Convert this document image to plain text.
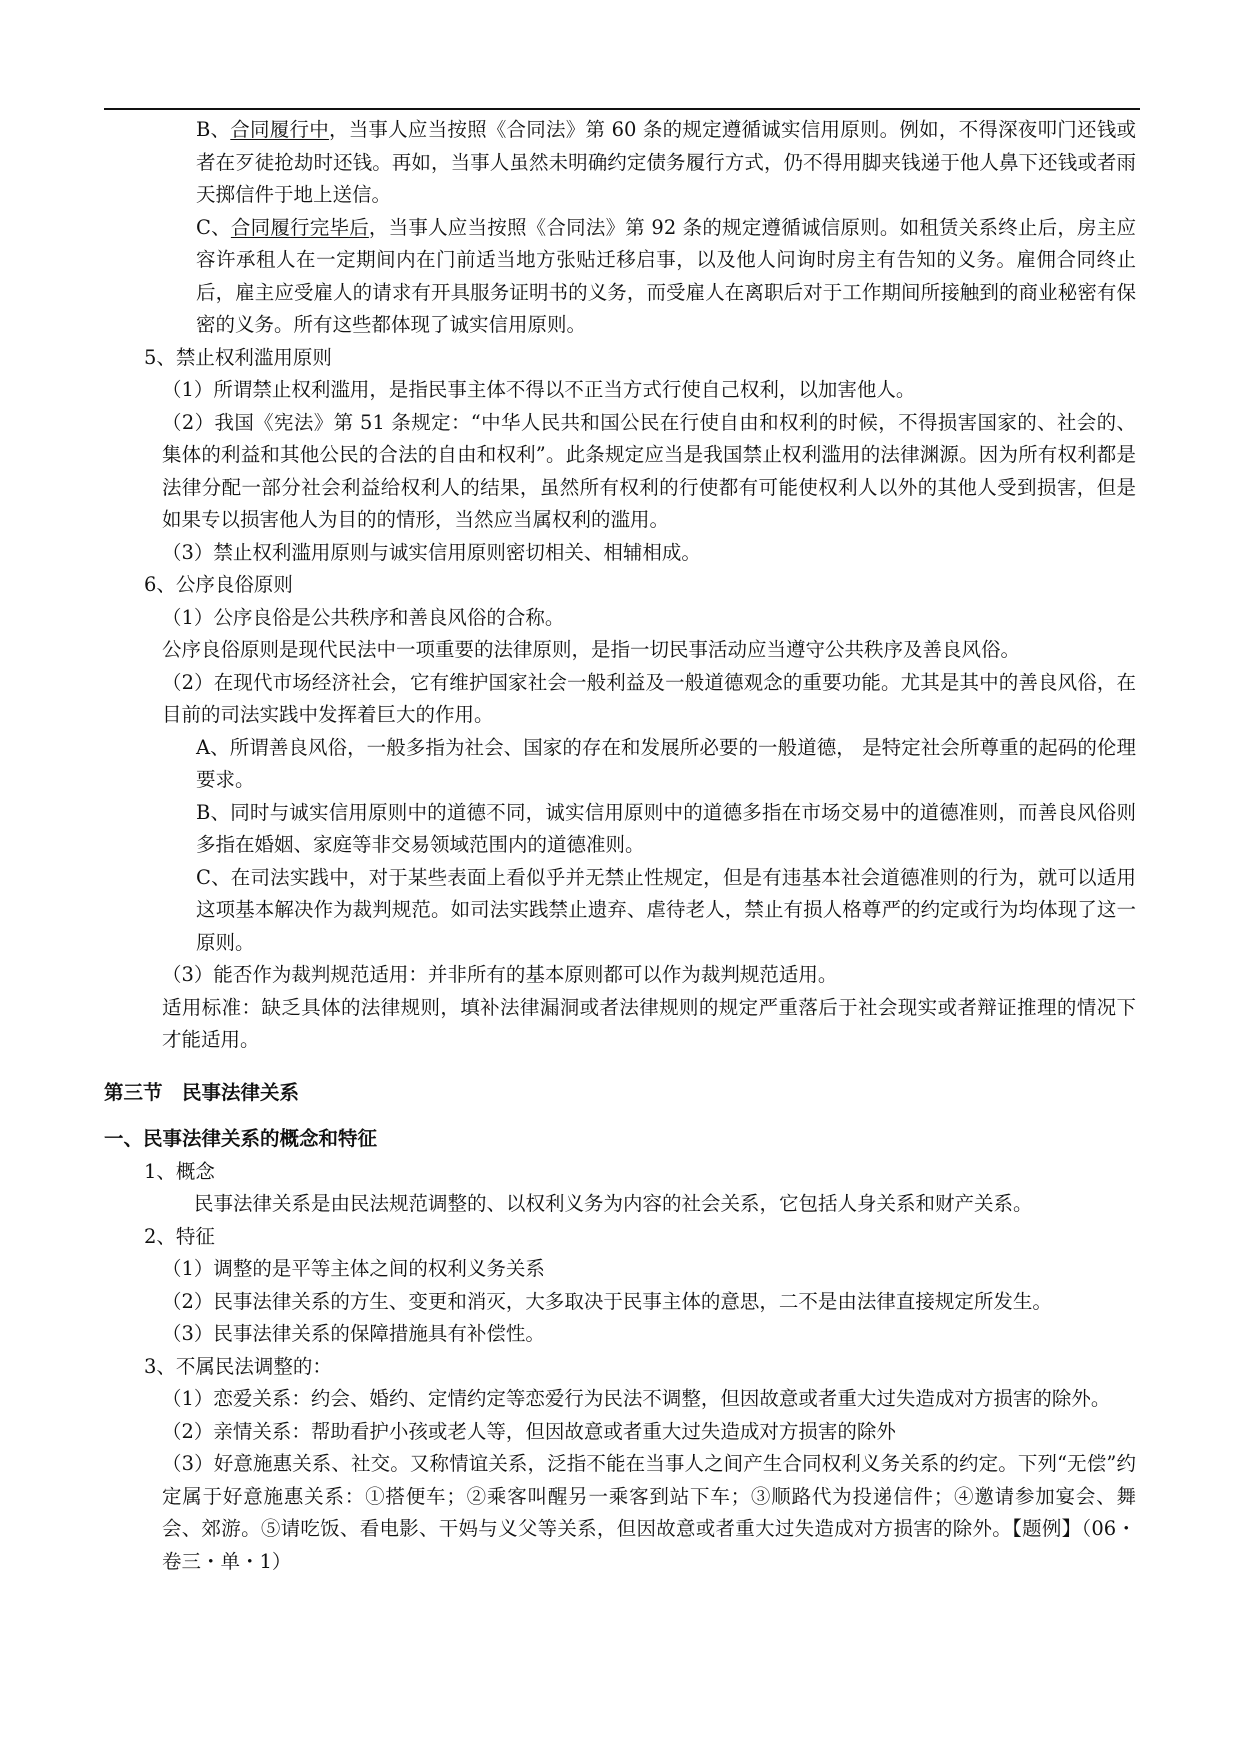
B、合同履行中，当事人应当按照《合同法》第 60 条的规定遵循诚实信用原则。例如，不得深夜叩门还钱或者在歹徒抢劫时还钱。再如，当事人虽然未明确约定债务履行方式，仍不得用脚夹钱递于他人鼻下还钱或者雨天掷信件于地上送信。

C、合同履行完毕后，当事人应当按照《合同法》第 92 条的规定遵循诚信原则。如租赁关系终止后，房主应容许承租人在一定期间内在门前适当地方张贴迁移启事，以及他人问询时房主有告知的义务。雇佣合同终止后，雇主应受雇人的请求有开具服务证明书的义务，而受雇人在离职后对于工作期间所接触到的商业秘密有保密的义务。所有这些都体现了诚实信用原则。

5、禁止权利滥用原则

（1）所谓禁止权利滥用，是指民事主体不得以不正当方式行使自己权利，以加害他人。

（2）我国《宪法》第 51 条规定：“中华人民共和国公民在行使自由和权利的时候，不得损害国家的、社会的、集体的利益和其他公民的合法的自由和权利”。此条规定应当是我国禁止权利滥用的法律渊源。因为所有权利都是法律分配一部分社会利益给权利人的结果，虽然所有权利的行使都有可能使权利人以外的其他人受到损害，但是如果专以损害他人为目的的情形，当然应当属权利的滥用。

（3）禁止权利滥用原则与诚实信用原则密切相关、相辅相成。

6、公序良俗原则

（1）公序良俗是公共秩序和善良风俗的合称。

公序良俗原则是现代民法中一项重要的法律原则，是指一切民事活动应当遵守公共秩序及善良风俗。

（2）在现代市场经济社会，它有维护国家社会一般利益及一般道德观念的重要功能。尤其是其中的善良风俗，在目前的司法实践中发挥着巨大的作用。

A、所谓善良风俗，一般多指为社会、国家的存在和发展所必要的一般道德， 是特定社会所尊重的起码的伦理要求。

B、同时与诚实信用原则中的道德不同，诚实信用原则中的道德多指在市场交易中的道德准则，而善良风俗则多指在婚姻、家庭等非交易领域范围内的道德准则。

C、在司法实践中，对于某些表面上看似乎并无禁止性规定，但是有违基本社会道德准则的行为，就可以适用这项基本解决作为裁判规范。如司法实践禁止遗弃、虐待老人，禁止有损人格尊严的约定或行为均体现了这一原则。

（3）能否作为裁判规范适用：并非所有的基本原则都可以作为裁判规范适用。

适用标准：缺乏具体的法律规则，填补法律漏洞或者法律规则的规定严重落后于社会现实或者辩证推理的情况下才能适用。

第三节　民事法律关系

一、民事法律关系的概念和特征

1、概念

民事法律关系是由民法规范调整的、以权利义务为内容的社会关系，它包括人身关系和财产关系。

2、特征

（1）调整的是平等主体之间的权利义务关系

（2）民事法律关系的方生、变更和消灭，大多取决于民事主体的意思，二不是由法律直接规定所发生。

（3）民事法律关系的保障措施具有补偿性。

3、不属民法调整的：

（1）恋爱关系：约会、婚约、定情约定等恋爱行为民法不调整，但因故意或者重大过失造成对方损害的除外。

（2）亲情关系：帮助看护小孩或老人等，但因故意或者重大过失造成对方损害的除外

（3）好意施惠关系、社交。又称情谊关系，泛指不能在当事人之间产生合同权利义务关系的约定。下列“无偿”约定属于好意施惠关系：①搭便车；②乘客叫醒另一乘客到站下车；③顺路代为投递信件；④邀请参加宴会、舞会、郊游。⑤请吃饭、看电影、干妈与义父等关系，但因故意或者重大过失造成对方损害的除外。【题例】（06・卷三・单・1）
